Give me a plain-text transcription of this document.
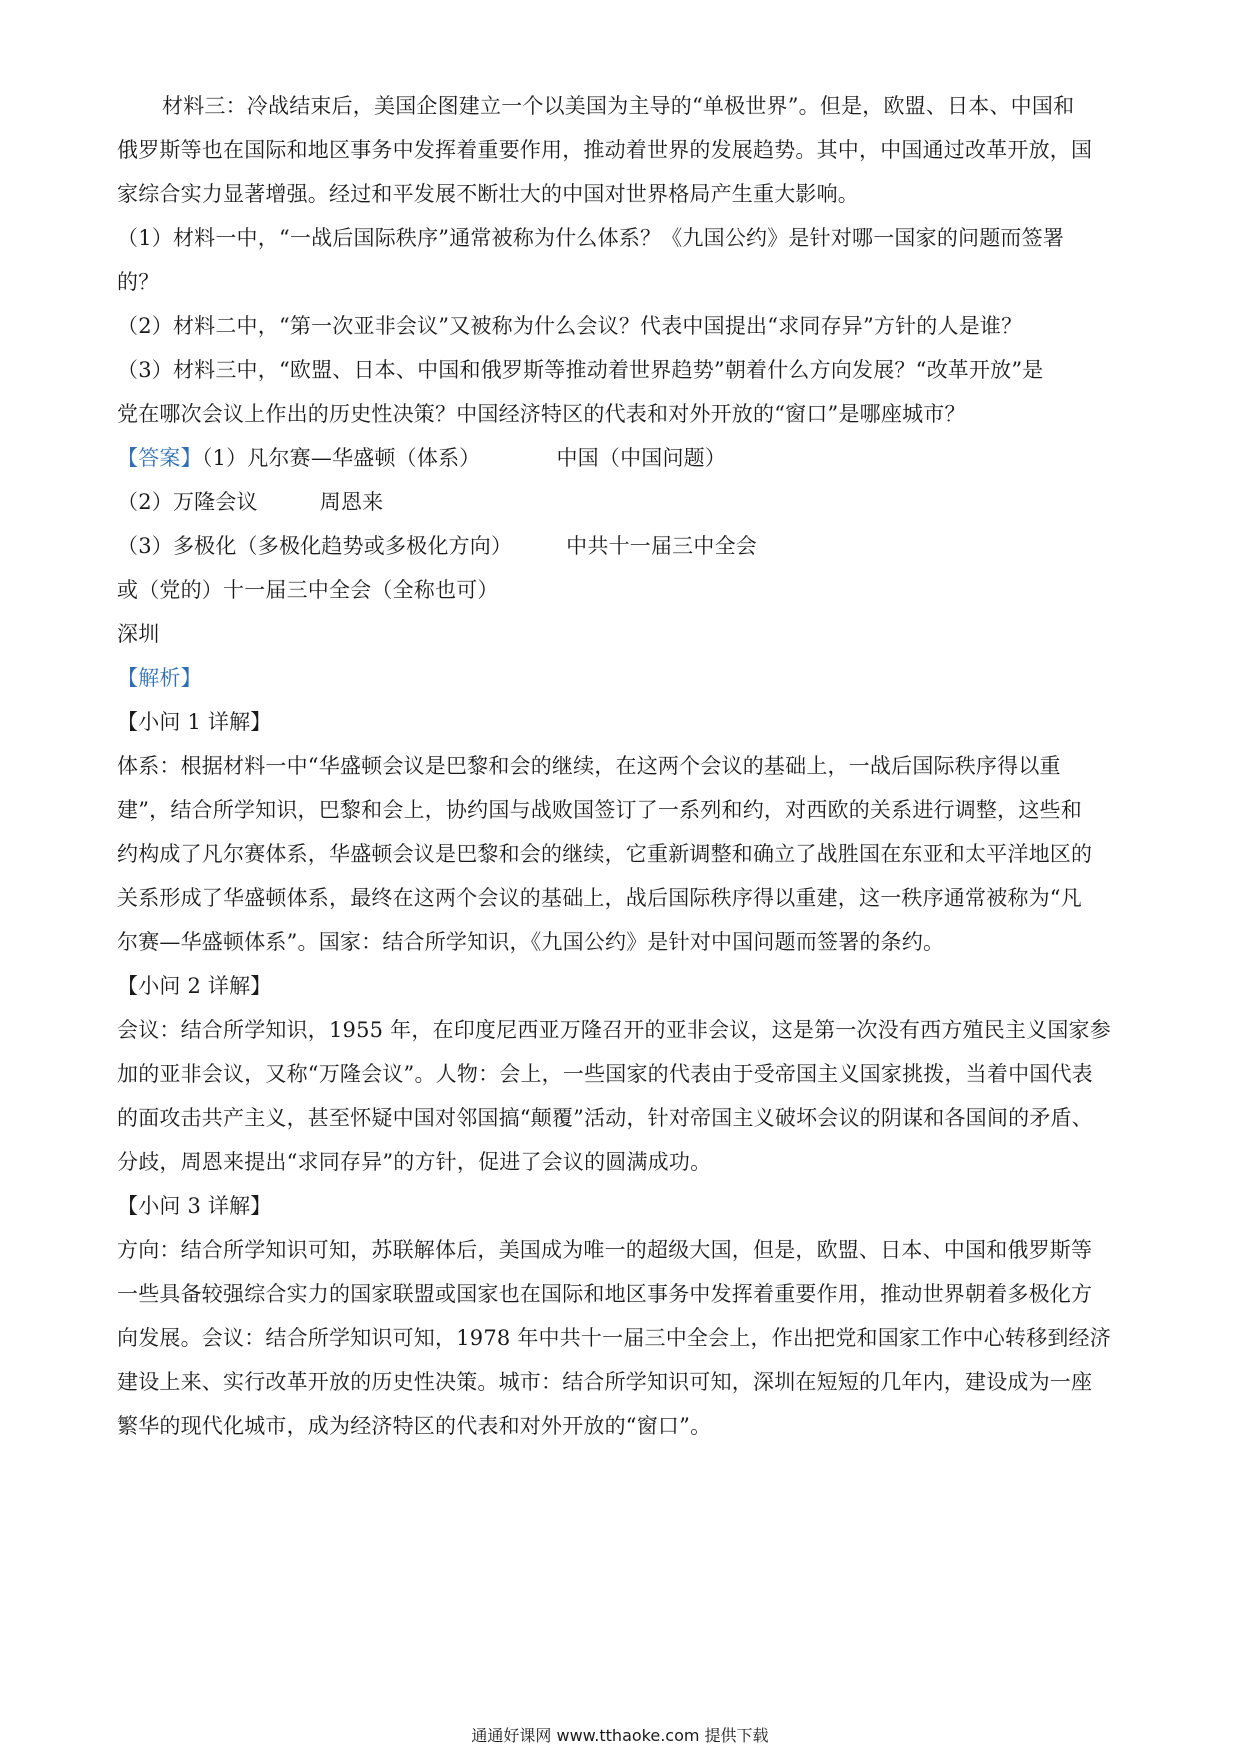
材料三：冷战结束后，美国企图建立一个以美国为主导的“单极世界”。但是，欧盟、日本、中国和
俄罗斯等也在国际和地区事务中发挥着重要作用，推动着世界的发展趋势。其中，中国通过改革开放，国
家综合实力显著增强。经过和平发展不断壮大的中国对世界格局产生重大影响。
（1）材料一中，“一战后国际秩序”通常被称为什么体系？《九国公约》是针对哪一国家的问题而签署
的？
（2）材料二中，“第一次亚非会议”又被称为什么会议？代表中国提出“求同存异”方针的人是谁？
（3）材料三中，“欧盟、日本、中国和俄罗斯等推动着世界趋势”朝着什么方向发展？“改革开放”是
党在哪次会议上作出的历史性决策？中国经济特区的代表和对外开放的“窗口”是哪座城市？
【答案】（1）凡尔赛—华盛顿（体系）	中国（中国问题）
（2）万隆会议	周恩来
（3）多极化（多极化趋势或多极化方向）	中共十一届三中全会
或（党的）十一届三中全会（全称也可）
深圳
【解析】
【小问 1 详解】
体系：根据材料一中“华盛顿会议是巴黎和会的继续，在这两个会议的基础上，一战后国际秩序得以重
建”，结合所学知识，巴黎和会上，协约国与战败国签订了一系列和约，对西欧的关系进行调整，这些和
约构成了凡尔赛体系，华盛顿会议是巴黎和会的继续，它重新调整和确立了战胜国在东亚和太平洋地区的
关系形成了华盛顿体系，最终在这两个会议的基础上，战后国际秩序得以重建，这一秩序通常被称为“凡
尔赛—华盛顿体系”。国家：结合所学知识，《九国公约》是针对中国问题而签署的条约。
【小问 2 详解】
会议：结合所学知识，1955 年，在印度尼西亚万隆召开的亚非会议，这是第一次没有西方殖民主义国家参
加的亚非会议，又称“万隆会议”。人物：会上，一些国家的代表由于受帝国主义国家挑拨，当着中国代表
的面攻击共产主义，甚至怀疑中国对邻国搞“颠覆”活动，针对帝国主义破坏会议的阴谋和各国间的矛盾、
分歧，周恩来提出“求同存异”的方针，促进了会议的圆满成功。
【小问 3 详解】
方向：结合所学知识可知，苏联解体后，美国成为唯一的超级大国，但是，欧盟、日本、中国和俄罗斯等
一些具备较强综合实力的国家联盟或国家也在国际和地区事务中发挥着重要作用，推动世界朝着多极化方
向发展。会议：结合所学知识可知，1978 年中共十一届三中全会上，作出把党和国家工作中心转移到经济
建设上来、实行改革开放的历史性决策。城市：结合所学知识可知，深圳在短短的几年内，建设成为一座
繁华的现代化城市，成为经济特区的代表和对外开放的“窗口”。
通通好课网 www.tthaoke.com 提供下载
